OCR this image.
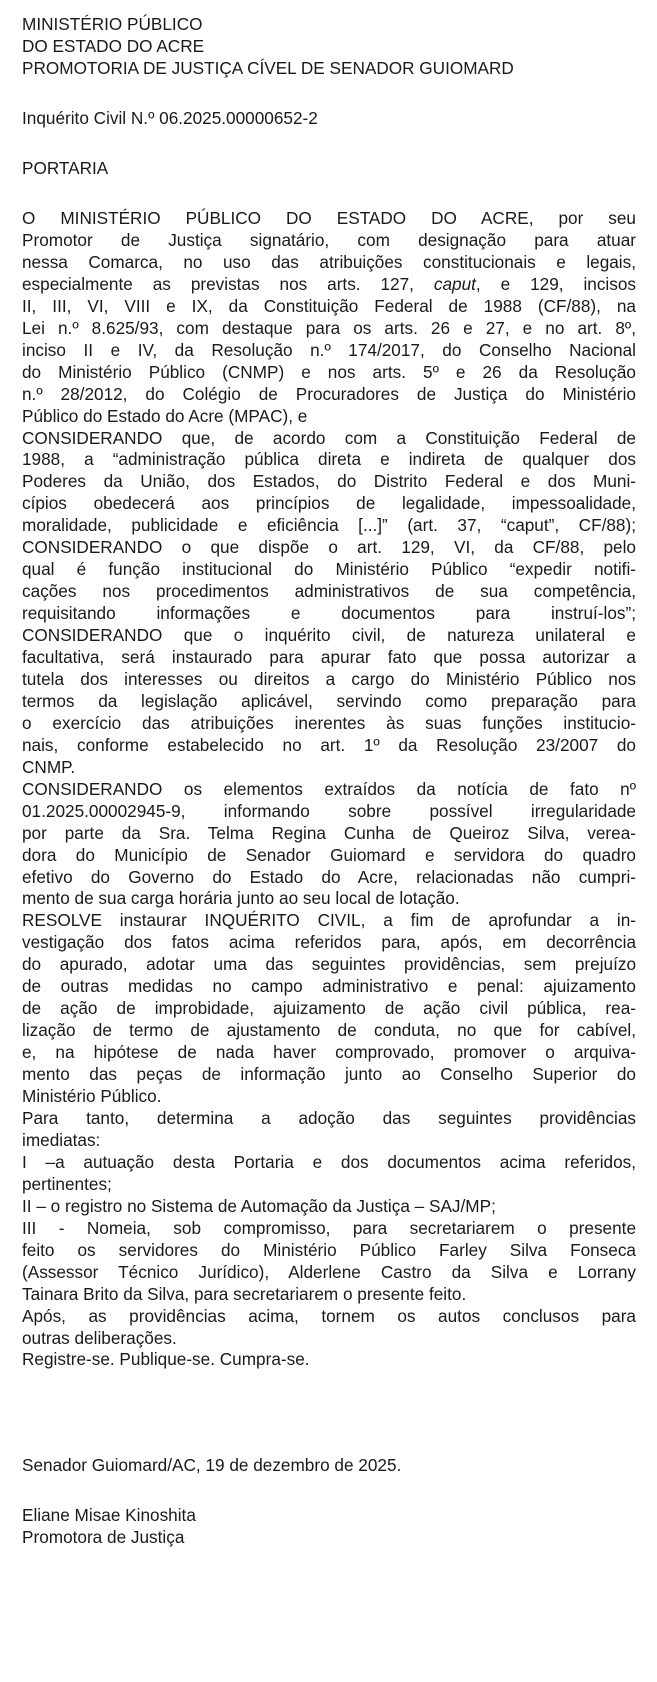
MINISTÉRIO PÚBLICO
DO ESTADO DO ACRE
PROMOTORIA DE JUSTIÇA CÍVEL DE SENADOR GUIOMARD
Inquérito Civil N.º 06.2025.00000652-2
PORTARIA
O MINISTÉRIO PÚBLICO DO ESTADO DO ACRE, por seu
Promotor de Justiça signatário, com designação para atuar
nessa Comarca, no uso das atribuições constitucionais e legais,
especialmente as previstas nos arts. 127, caput, e 129, incisos
II, III, VI, VIII e IX, da Constituição Federal de 1988 (CF/88), na
Lei n.º 8.625/93, com destaque para os arts. 26 e 27, e no art. 8º,
inciso II e IV, da Resolução n.º 174/2017, do Conselho Nacional
do Ministério Público (CNMP) e nos arts. 5º e 26 da Resolução
n.º 28/2012, do Colégio de Procuradores de Justiça do Ministério
Público do Estado do Acre (MPAC), e
CONSIDERANDO que, de acordo com a Constituição Federal de
1988, a “administração pública direta e indireta de qualquer dos
Poderes da União, dos Estados, do Distrito Federal e dos Muni-
cípios obedecerá aos princípios de legalidade, impessoalidade,
moralidade, publicidade e eficiência [...]” (art. 37, “caput”, CF/88);
CONSIDERANDO o que dispõe o art. 129, VI, da CF/88, pelo
qual é função institucional do Ministério Público “expedir notifi-
cações nos procedimentos administrativos de sua competência,
requisitando informações e documentos para instruí-los”;
CONSIDERANDO que o inquérito civil, de natureza unilateral e
facultativa, será instaurado para apurar fato que possa autorizar a
tutela dos interesses ou direitos a cargo do Ministério Público nos
termos da legislação aplicável, servindo como preparação para
o exercício das atribuições inerentes às suas funções institucio-
nais, conforme estabelecido no art. 1º da Resolução 23/2007 do
CNMP.
CONSIDERANDO os elementos extraídos da notícia de fato nº
01.2025.00002945-9, informando sobre possível irregularidade
por parte da Sra. Telma Regina Cunha de Queiroz Silva, verea-
dora do Município de Senador Guiomard e servidora do quadro
efetivo do Governo do Estado do Acre, relacionadas não cumpri-
mento de sua carga horária junto ao seu local de lotação.
RESOLVE instaurar INQUÉRITO CIVIL, a fim de aprofundar a in-
vestigação dos fatos acima referidos para, após, em decorrência
do apurado, adotar uma das seguintes providências, sem prejuízo
de outras medidas no campo administrativo e penal: ajuizamento
de ação de improbidade, ajuizamento de ação civil pública, rea-
lização de termo de ajustamento de conduta, no que for cabível,
e, na hipótese de nada haver comprovado, promover o arquiva-
mento das peças de informação junto ao Conselho Superior do
Ministério Público.
Para tanto, determina a adoção das seguintes providências
imediatas:
I –a autuação desta Portaria e dos documentos acima referidos,
pertinentes;
II – o registro no Sistema de Automação da Justiça – SAJ/MP;
III - Nomeia, sob compromisso, para secretariarem o presente
feito os servidores do Ministério Público Farley Silva Fonseca
(Assessor Técnico Jurídico), Alderlene Castro da Silva e Lorrany
Tainara Brito da Silva, para secretariarem o presente feito.
Após, as providências acima, tornem os autos conclusos para
outras deliberações.
Registre-se. Publique-se. Cumpra-se.
Senador Guiomard/AC, 19 de dezembro de 2025.
Eliane Misae Kinoshita
Promotora de Justiça
